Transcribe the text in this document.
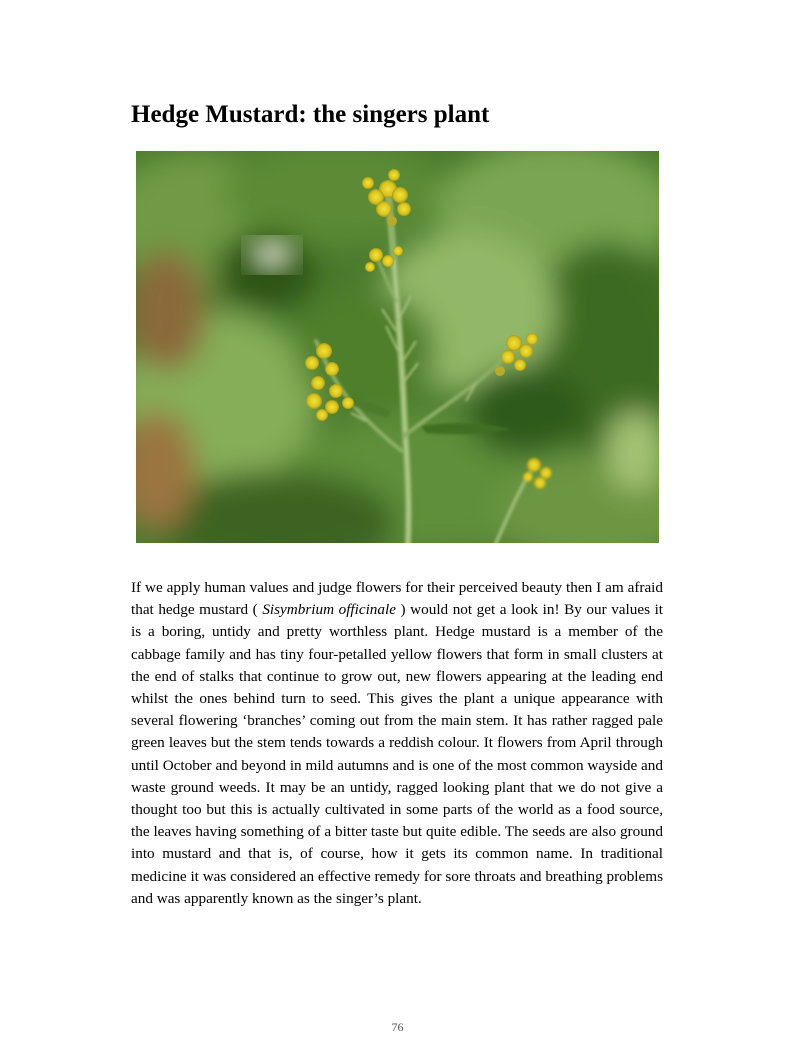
Hedge Mustard: the singers plant

If we apply human values and judge flowers for their perceived beauty then I am afraid that hedge mustard ( Sisymbrium officinale ) would not get a look in! By our values it is a boring, untidy and pretty worthless plant. Hedge mustard is a member of the cabbage family and has tiny four-petalled yellow flowers that form in small clusters at the end of stalks that continue to grow out, new flowers appearing at the leading end whilst the ones behind turn to seed. This gives the plant a unique appearance with several flowering ‘branches’ coming out from the main stem. It has rather ragged pale green leaves but the stem tends towards a reddish colour. It flowers from April through until October and beyond in mild autumns and is one of the most common wayside and waste ground weeds. It may be an untidy, ragged looking plant that we do not give a thought too but this is actually cultivated in some parts of the world as a food source, the leaves having something of a bitter taste but quite edible. The seeds are also ground into mustard and that is, of course, how it gets its common name. In traditional medicine it was considered an effective remedy for sore throats and breathing problems and was apparently known as the singer’s plant.

76
